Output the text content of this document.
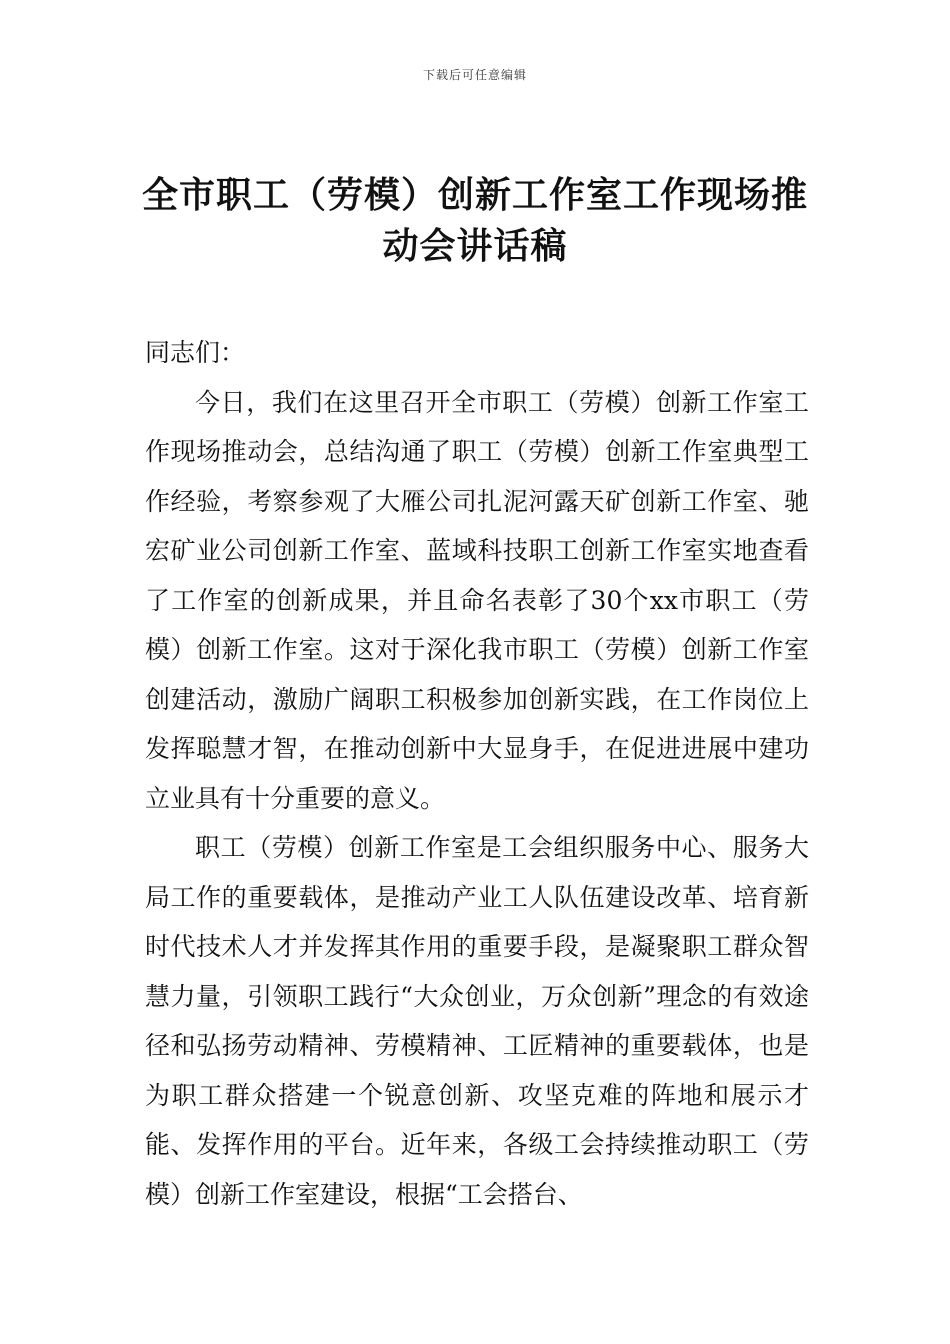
下载后可任意编辑
全市职工（劳模）创新工作室工作现场推动会讲话稿

同志们：

今日，我们在这里召开全市职工（劳模）创新工作室工作现场推动会，总结沟通了职工（劳模）创新工作室典型工作经验，考察参观了大雁公司扎泥河露天矿创新工作室、驰宏矿业公司创新工作室、蓝域科技职工创新工作室实地查看了工作室的创新成果，并且命名表彰了30个xx市职工（劳模）创新工作室。这对于深化我市职工（劳模）创新工作室创建活动，激励广阔职工积极参加创新实践，在工作岗位上发挥聪慧才智，在推动创新中大显身手，在促进进展中建功立业具有十分重要的意义。

职工（劳模）创新工作室是工会组织服务中心、服务大局工作的重要载体，是推动产业工人队伍建设改革、培育新时代技术人才并发挥其作用的重要手段，是凝聚职工群众智慧力量，引领职工践行“大众创业，万众创新”理念的有效途径和弘扬劳动精神、劳模精神、工匠精神的重要载体，也是为职工群众搭建一个锐意创新、攻坚克难的阵地和展示才能、发挥作用的平台。近年来，各级工会持续推动职工（劳模）创新工作室建设，根据“工会搭台、
